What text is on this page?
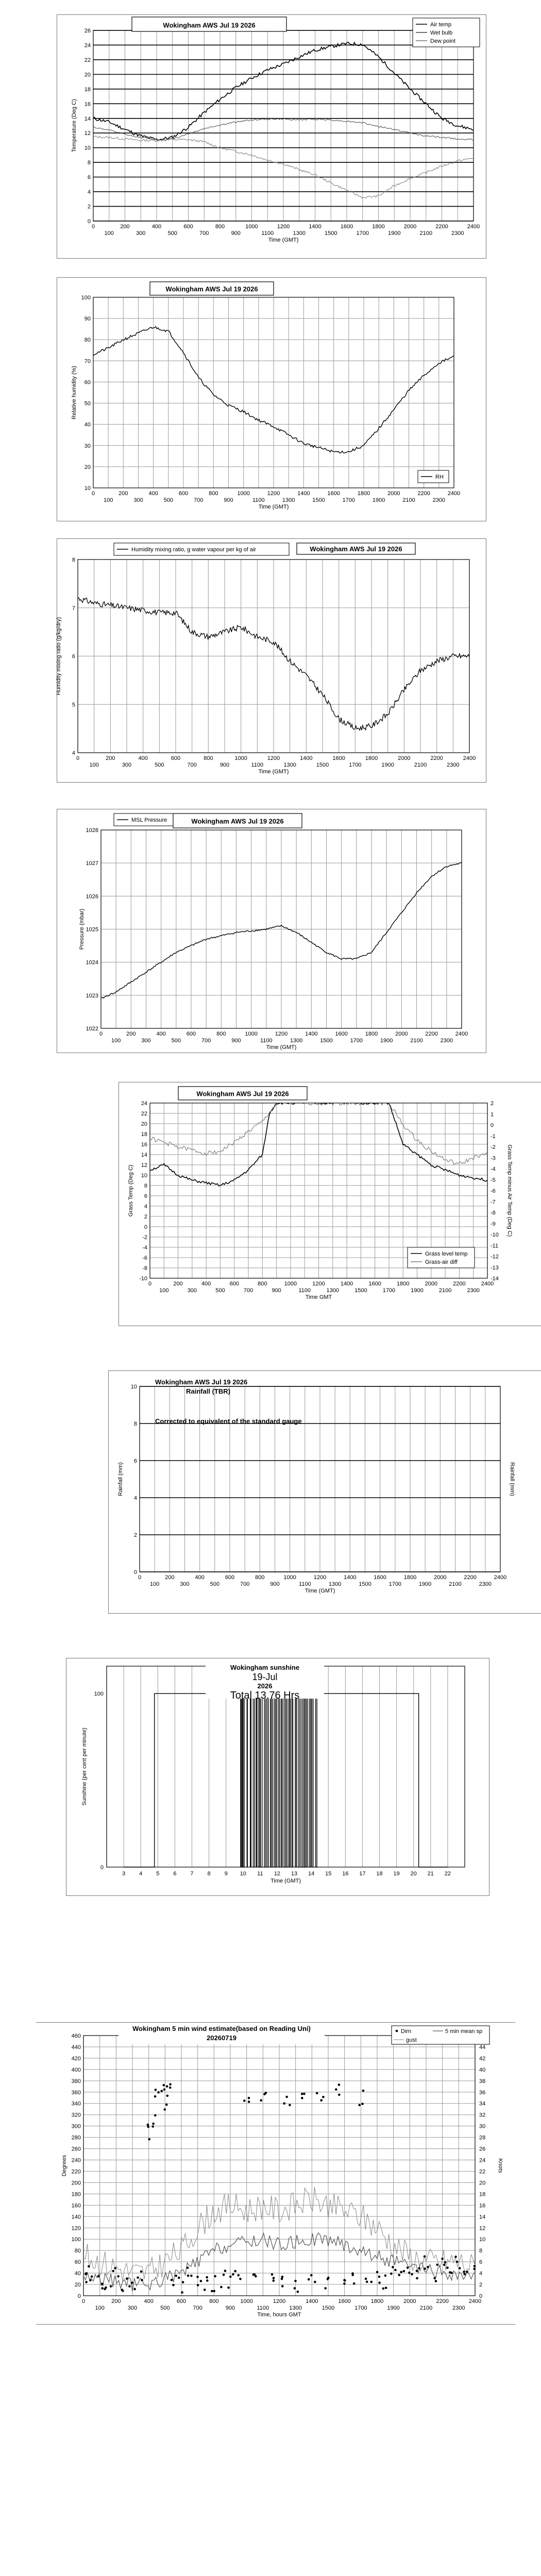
0
2
4
6
8
10
12
14
16
18
20
22
24
26
0
100
200
300
400
500
600
700
800
900
1000
1100
1200
1300
1400
1500
1600
1700
1800
1900
2000
2100
2200
2300
2400
Time (GMT)
Temperature (Deg C)
Wokingham AWS Jul 19 2026	Air temp
Wet bulb
Dew point
10
20
30
40
50
60
70
80
90
100
0
100
200
300
400
500
600
700
800
900
1000
1100
1200
1300
1400
1500
1600
1700
1800
1900
2000
2100
2200
2300
2400
Time (GMT)
Relative humidity (%)
Wokingham AWS Jul 19 2026
RH
4
5
6
7
8
0
100
200
300
400
500
600
700
800
900
1000
1100
1200
1300
1400
1500
1600
1700
1800
1900
2000
2100
2200
2300
2400
Time (GMT)
Humidity mixing ratio (g/kg/dry)
Humidity mixing ratio, g water vapour per kg of air	Wokingham AWS Jul 19 2026
1022
1023
1024
1025
1026
1027
1028
0
100
200
300
400
500
600
700
800
900
1000
1100
1200
1300
1400
1500
1600
1700
1800
1900
2000
2100
2200
2300
2400
Time (GMT)
Pressure (mbar)
MSL Pressure	Wokingham AWS Jul 19 2026
-10
-8
-6
-4
-2
0
2
4
6
8
10
12
14
16
18
20
22
24
0
100
200
300
400
500
600
700
800
900
1000
1100
1200
1300
1400
1500
1600
1700
1800
1900
2000
2100
2200
2300
2400
Time GMT
Grass Temp (Deg C)
-14
-13
-12
-11
-10
-9
-8
-7
-6
-5
-4
-3
-2
-1
0
1
2
Grass Temp minus Air Temp (Deg C)
Wokingham AWS Jul 19 2026
Grass level temp
Grass-air diff
0
2
4
6
8
10
0
100
200
300
400
500
600
700
800
900
1000
1100
1200
1300
1400
1500
1600
1700
1800
1900
2000
2100
2200
2300
2400
Time (GMT)
Rainfall (mm)	Rainfall (mm)
Wokingham AWS Jul 19 2026
Rainfall (TBR)
Corrected to equivalent of the standard gauge
0
100
3 4 5 6 7 8 9 10 11 12 13 14 15 16 17 18 19 20 21 22
Time (GMT)
Sunshine (per cent per minute)
Wokingham sunshine
19-Jul
2026
Total 13.76 Hrs
0
20
40
60
80
100
120
140
160
180
200
220
240
260
280
300
320
340
360
380
400
420
440
460
0
100
200
300
400
500
600
700
800
900
1000
1100
1200
1300
1400
1500
1600
1700
1800
1900
2000
2100
2200
2300
2400
Time, hours GMT
Degrees
0
2
4
6
8
10
12
14
16
18
20
22
24
26
28
30
32
34
36
38
40
42
44
Knots
Wokingham 5 min wind estimate(based on Reading Uni)
20260719
Dirn	5 min mean sp
gust
